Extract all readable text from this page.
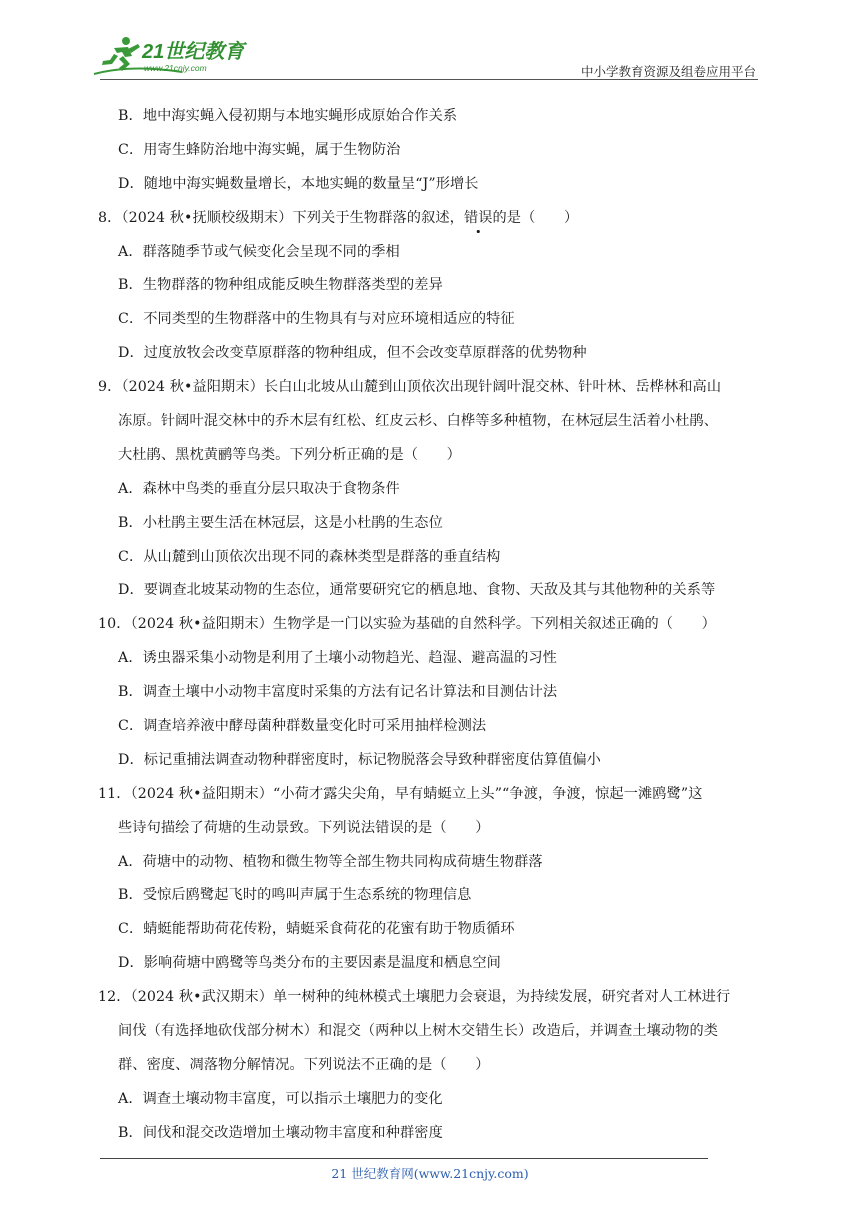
21世纪教育
www.21cnjy.com	中小学教育资源及组卷应用平台
B．地中海实蝇入侵初期与本地实蝇形成原始合作关系
C．用寄生蜂防治地中海实蝇，属于生物防治
D．随地中海实蝇数量增长，本地实蝇的数量呈“J”形增长
8．（2024 秋•抚顺校级期末）下列关于生物群落的叙述，错误的是（　　）
A．群落随季节或气候变化会呈现不同的季相
B．生物群落的物种组成能反映生物群落类型的差异
C．不同类型的生物群落中的生物具有与对应环境相适应的特征
D．过度放牧会改变草原群落的物种组成，但不会改变草原群落的优势物种
9．（2024 秋•益阳期末）长白山北坡从山麓到山顶依次出现针阔叶混交林、针叶林、岳桦林和高山
冻原。针阔叶混交林中的乔木层有红松、红皮云杉、白桦等多种植物，在林冠层生活着小杜鹃、
大杜鹃、黑枕黄鹂等鸟类。下列分析正确的是（　　）
A．森林中鸟类的垂直分层只取决于食物条件
B．小杜鹃主要生活在林冠层，这是小杜鹃的生态位
C．从山麓到山顶依次出现不同的森林类型是群落的垂直结构
D．要调查北坡某动物的生态位，通常要研究它的栖息地、食物、天敌及其与其他物种的关系等
10．（2024 秋•益阳期末）生物学是一门以实验为基础的自然科学。下列相关叙述正确的（　　）
A．诱虫器采集小动物是利用了土壤小动物趋光、趋湿、避高温的习性
B．调查土壤中小动物丰富度时采集的方法有记名计算法和目测估计法
C．调查培养液中酵母菌种群数量变化时可采用抽样检测法
D．标记重捕法调查动物种群密度时，标记物脱落会导致种群密度估算值偏小
11．（2024 秋•益阳期末）“小荷才露尖尖角，早有蜻蜓立上头”“争渡，争渡，惊起一滩鸥鹭”这
些诗句描绘了荷塘的生动景致。下列说法错误的是（　　）
A．荷塘中的动物、植物和微生物等全部生物共同构成荷塘生物群落
B．受惊后鸥鹭起飞时的鸣叫声属于生态系统的物理信息
C．蜻蜓能帮助荷花传粉，蜻蜓采食荷花的花蜜有助于物质循环
D．影响荷塘中鸥鹭等鸟类分布的主要因素是温度和栖息空间
12．（2024 秋•武汉期末）单一树种的纯林模式土壤肥力会衰退，为持续发展，研究者对人工林进行
间伐（有选择地砍伐部分树木）和混交（两种以上树木交错生长）改造后，并调查土壤动物的类
群、密度、凋落物分解情况。下列说法不正确的是（　　）
A．调查土壤动物丰富度，可以指示土壤肥力的变化
B．间伐和混交改造增加土壤动物丰富度和种群密度
21 世纪教育网(www.21cnjy.com)
